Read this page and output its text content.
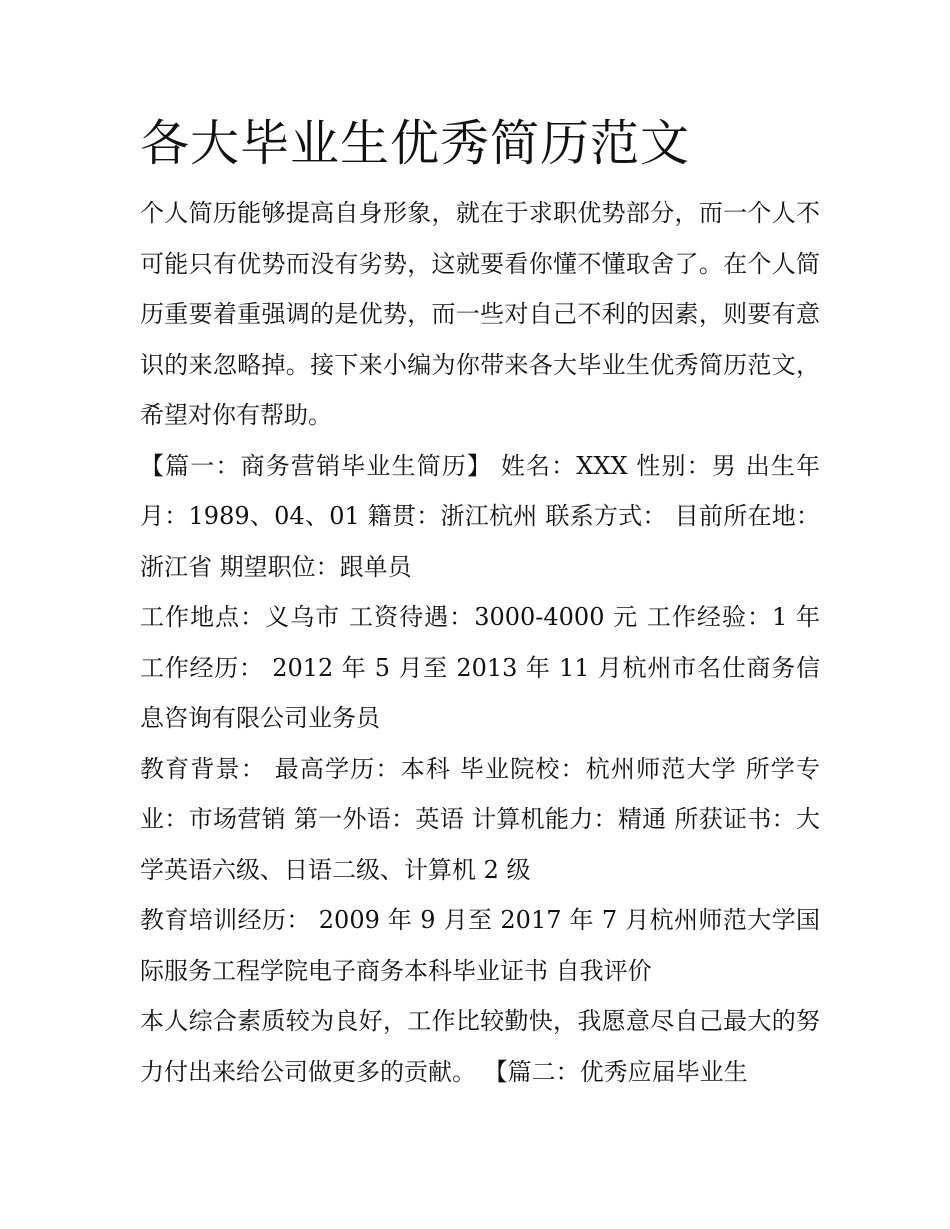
各大毕业生优秀简历范文

个人简历能够提高自身形象，就在于求职优势部分，而一个人不可能只有优势而没有劣势，这就要看你懂不懂取舍了。在个人简历重要着重强调的是优势，而一些对自己不利的因素，则要有意识的来忽略掉。接下来小编为你带来各大毕业生优秀简历范文，希望对你有帮助。

【篇一：商务营销毕业生简历】 姓名：XXX 性别：男 出生年月：1989、04、01 籍贯：浙江杭州 联系方式： 目前所在地：浙江省 期望职位：跟单员

工作地点：义乌市 工资待遇：3000-4000 元 工作经验：1 年 工作经历： 2012 年 5 月至 2013 年 11 月杭州市名仕商务信息咨询有限公司业务员

教育背景： 最高学历：本科 毕业院校：杭州师范大学 所学专业：市场营销 第一外语：英语 计算机能力：精通 所获证书：大学英语六级、日语二级、计算机 2 级

教育培训经历： 2009 年 9 月至 2017 年 7 月杭州师范大学国际服务工程学院电子商务本科毕业证书 自我评价

本人综合素质较为良好，工作比较勤快，我愿意尽自己最大的努力付出来给公司做更多的贡献。 【篇二：优秀应届毕业生
